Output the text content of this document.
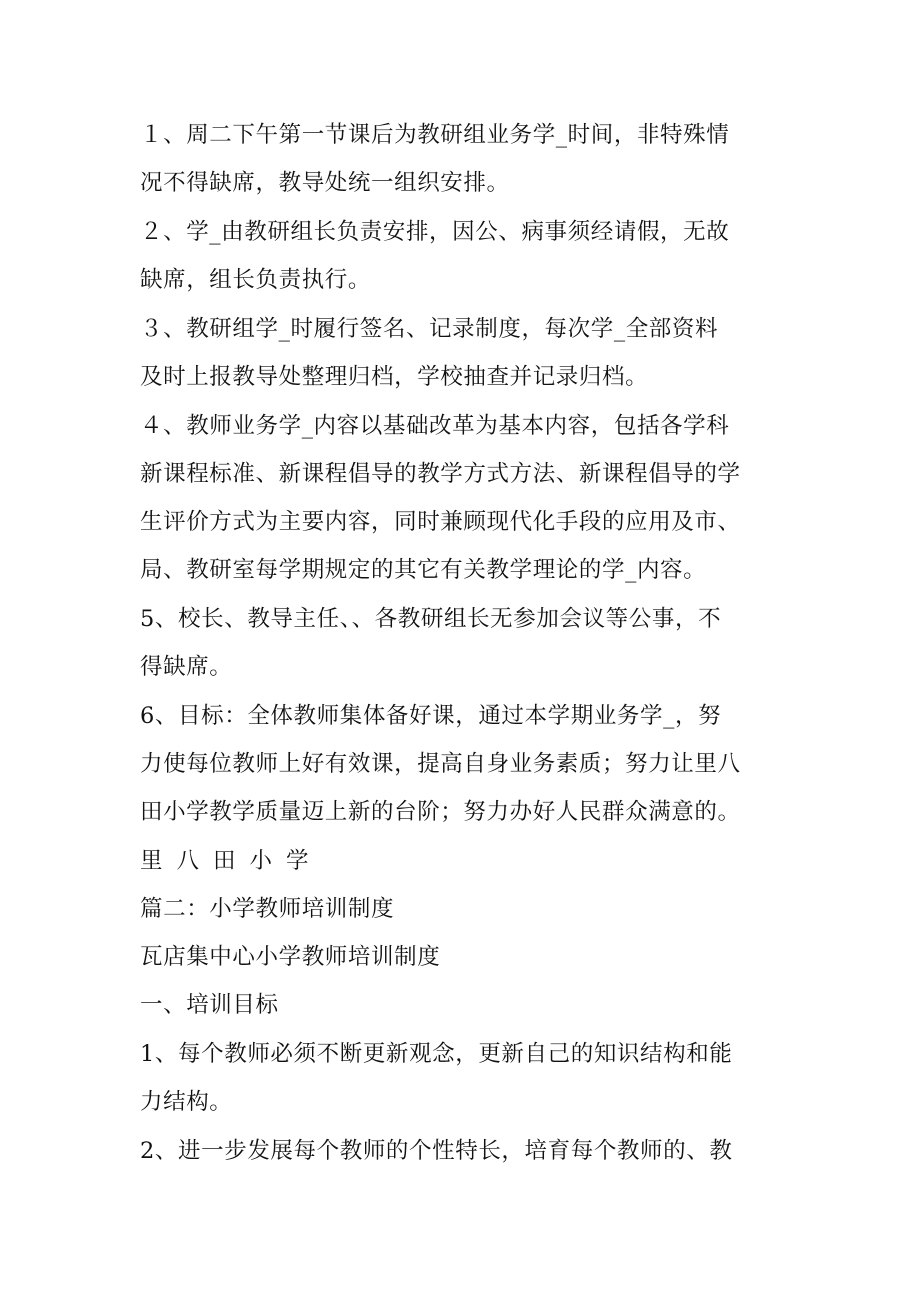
１、周二下午第一节课后为教研组业务学_时间，非特殊情
况不得缺席，教导处统一组织安排。
２、学_由教研组长负责安排，因公、病事须经请假，无故
缺席，组长负责执行。
３、教研组学_时履行签名、记录制度，每次学_全部资料
及时上报教导处整理归档，学校抽查并记录归档。
４、教师业务学_内容以基础改革为基本内容，包括各学科
新课程标准、新课程倡导的教学方式方法、新课程倡导的学
生评价方式为主要内容，同时兼顾现代化手段的应用及市、
局、教研室每学期规定的其它有关教学理论的学_内容。
5、校长、教导主任、、各教研组长无参加会议等公事，不
得缺席。
6、目标：全体教师集体备好课，通过本学期业务学_，努
力使每位教师上好有效课，提高自身业务素质；努力让里八
田小学教学质量迈上新的台阶；努力办好人民群众满意的。
里八田小学
篇二：小学教师培训制度
瓦店集中心小学教师培训制度
一、培训目标
1、每个教师必须不断更新观念，更新自己的知识结构和能
力结构。
2、进一步发展每个教师的个性特长，培育每个教师的、教
